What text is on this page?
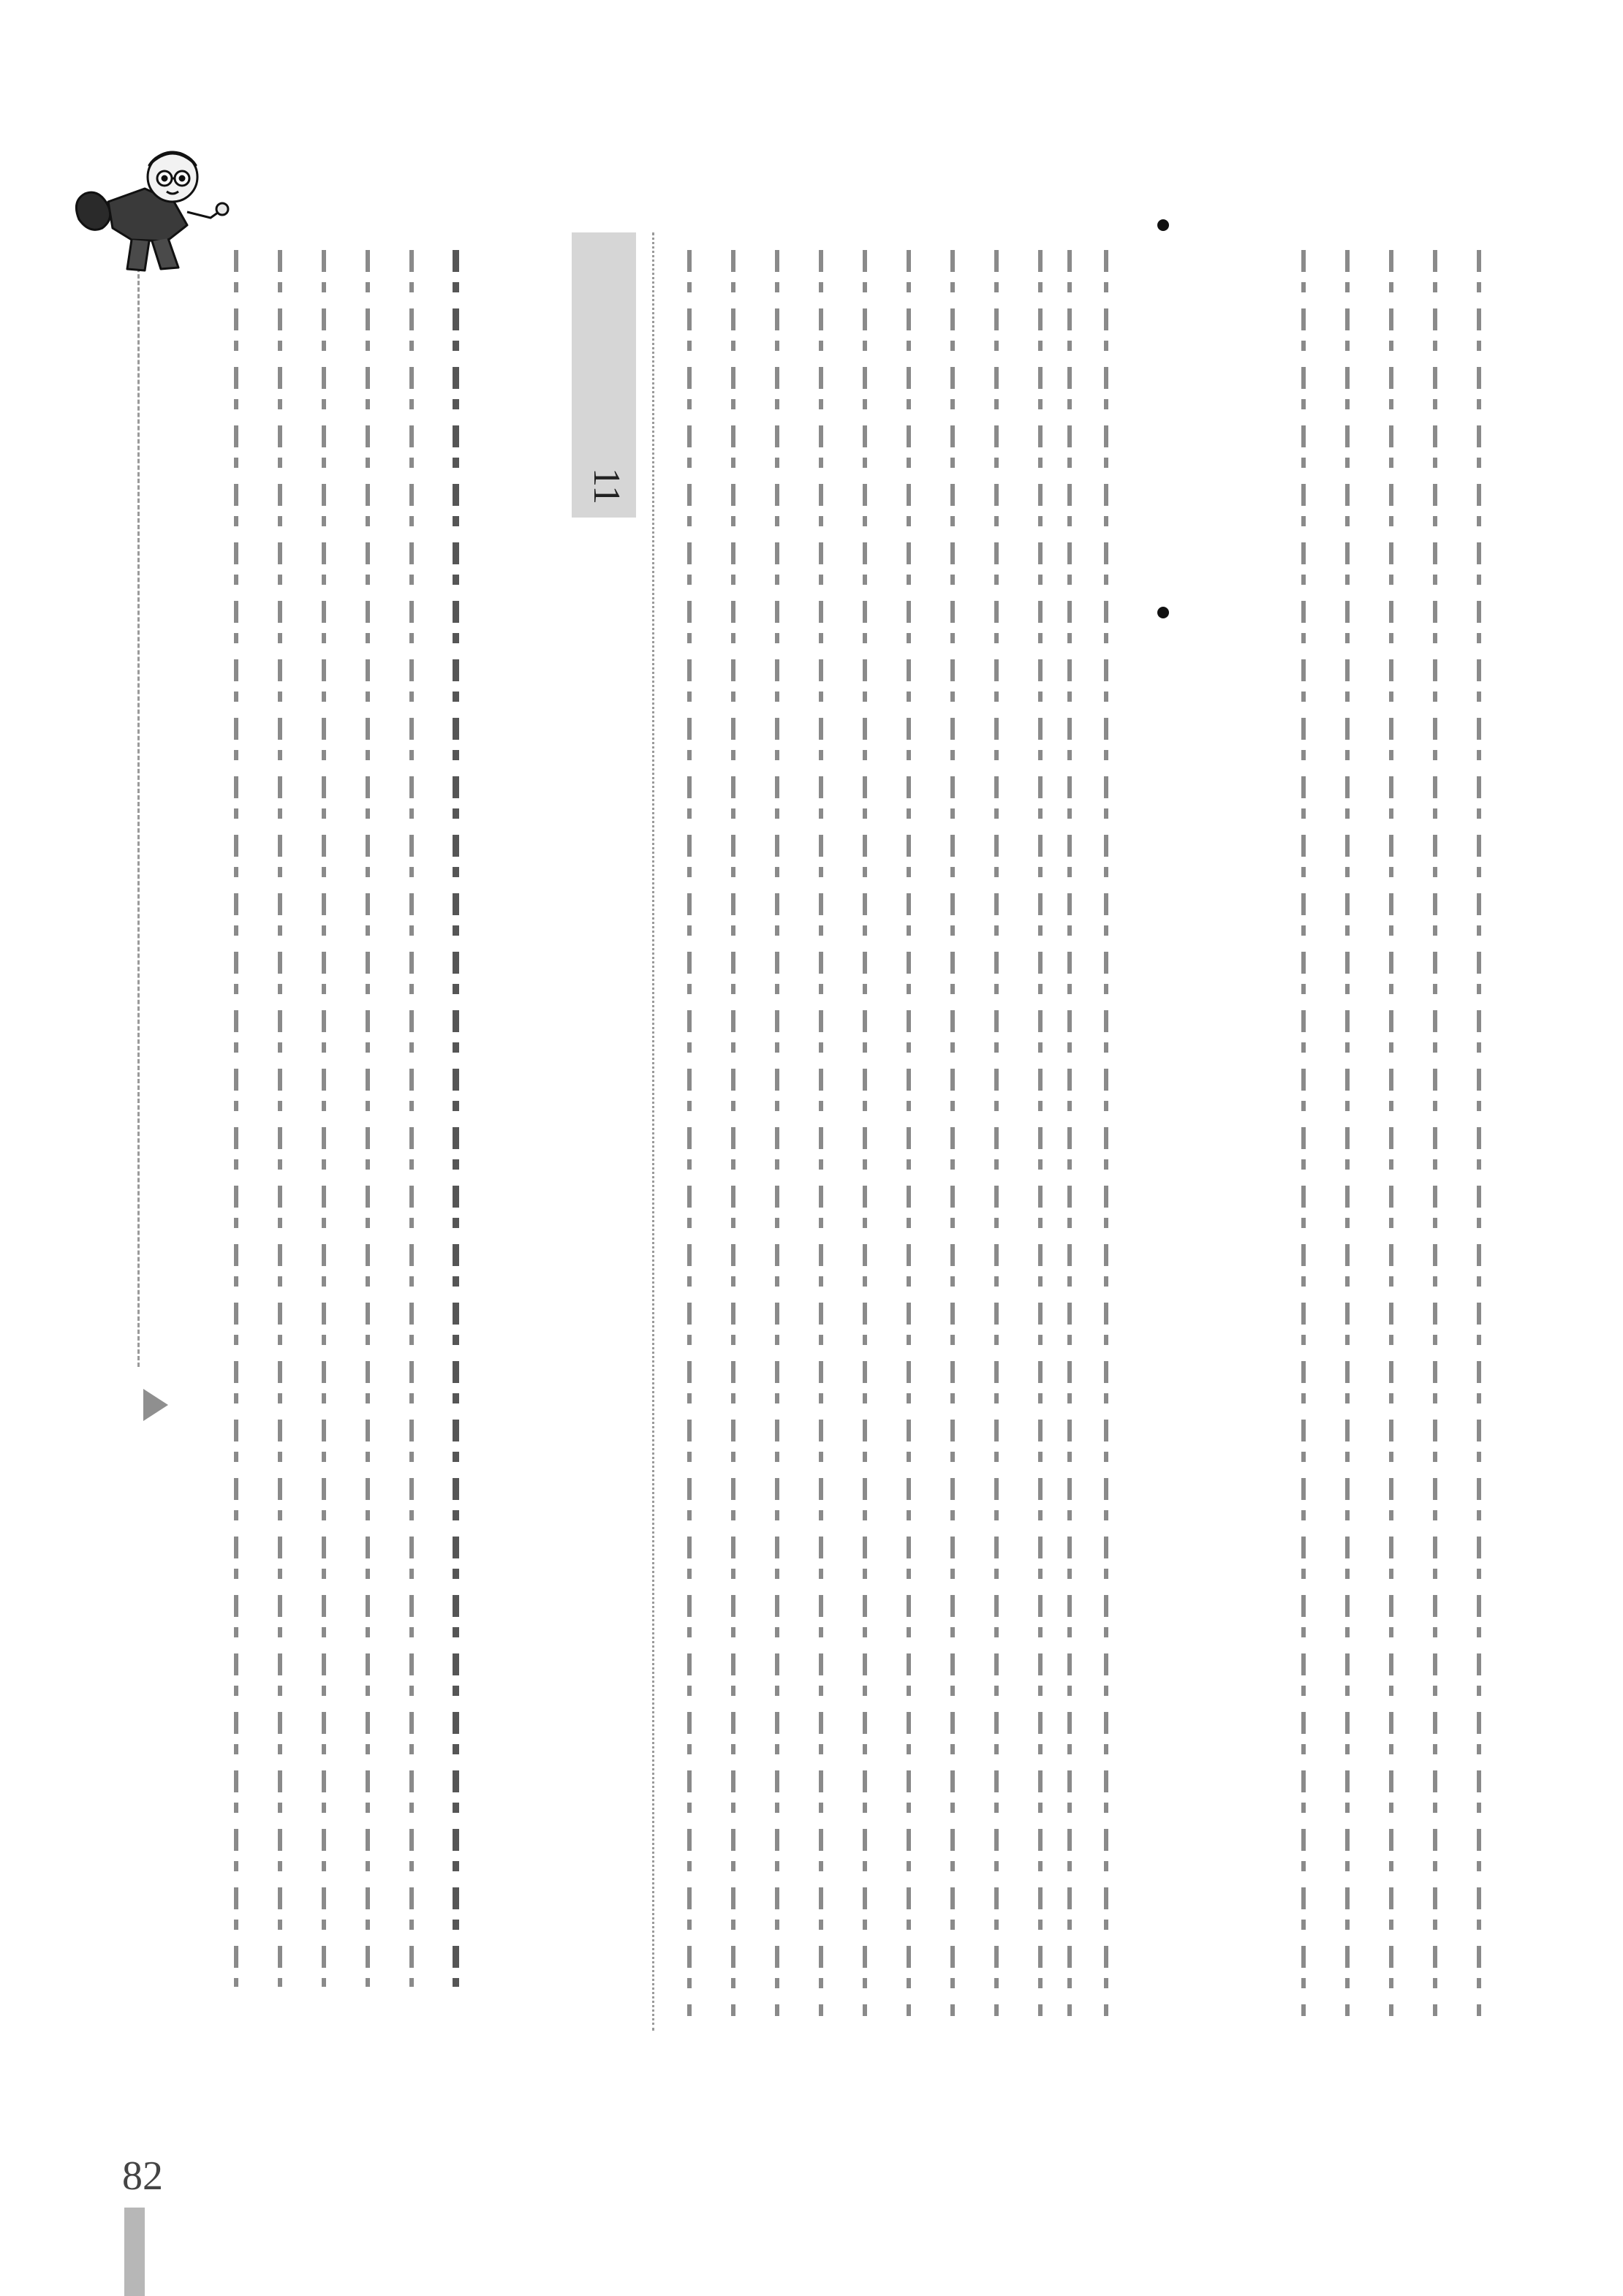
11
82
